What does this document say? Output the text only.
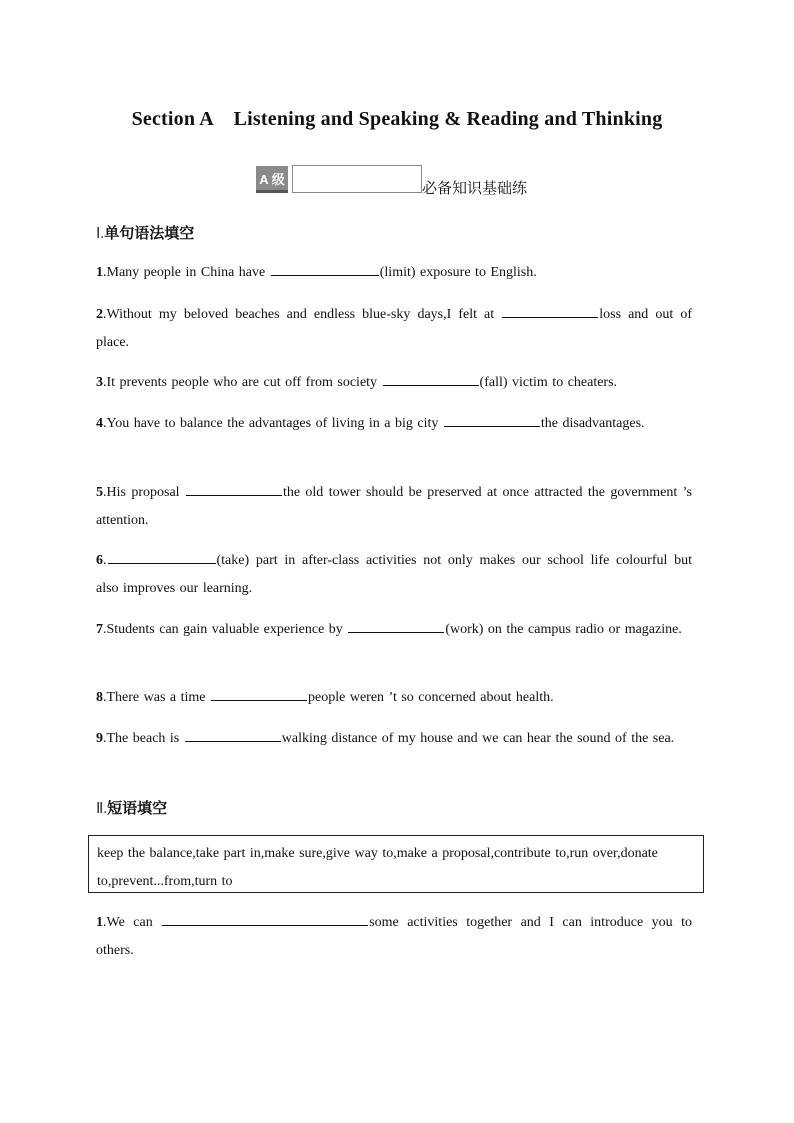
Section A    Listening and Speaking & Reading and Thinking
A 级	必备知识基础练
Ⅰ.单句语法填空
1.Many people in China have	(limit) exposure to English.
2.Without my beloved beaches and endless blue-sky days,I felt at	loss and out of place.
3.It prevents people who are cut off from society	(fall) victim to cheaters.
4.You have to balance the advantages of living in a big city	the disadvantages.
5.His proposal	the old tower should be preserved at once attracted the government ’s attention.
6.	(take) part in after-class activities not only makes our school life colourful but also improves our learning.
7.Students can gain valuable experience by	(work) on the campus radio or magazine.
8.There was a time	people weren ’t so concerned about health.
9.The beach is	walking distance of my house and we can hear the sound of the sea.
Ⅱ.短语填空
keep the balance,take part in,make sure,give way to,make a proposal,contribute to,run over,donate to,prevent...from,turn to
1.We can	some activities together and I can introduce you to others.
